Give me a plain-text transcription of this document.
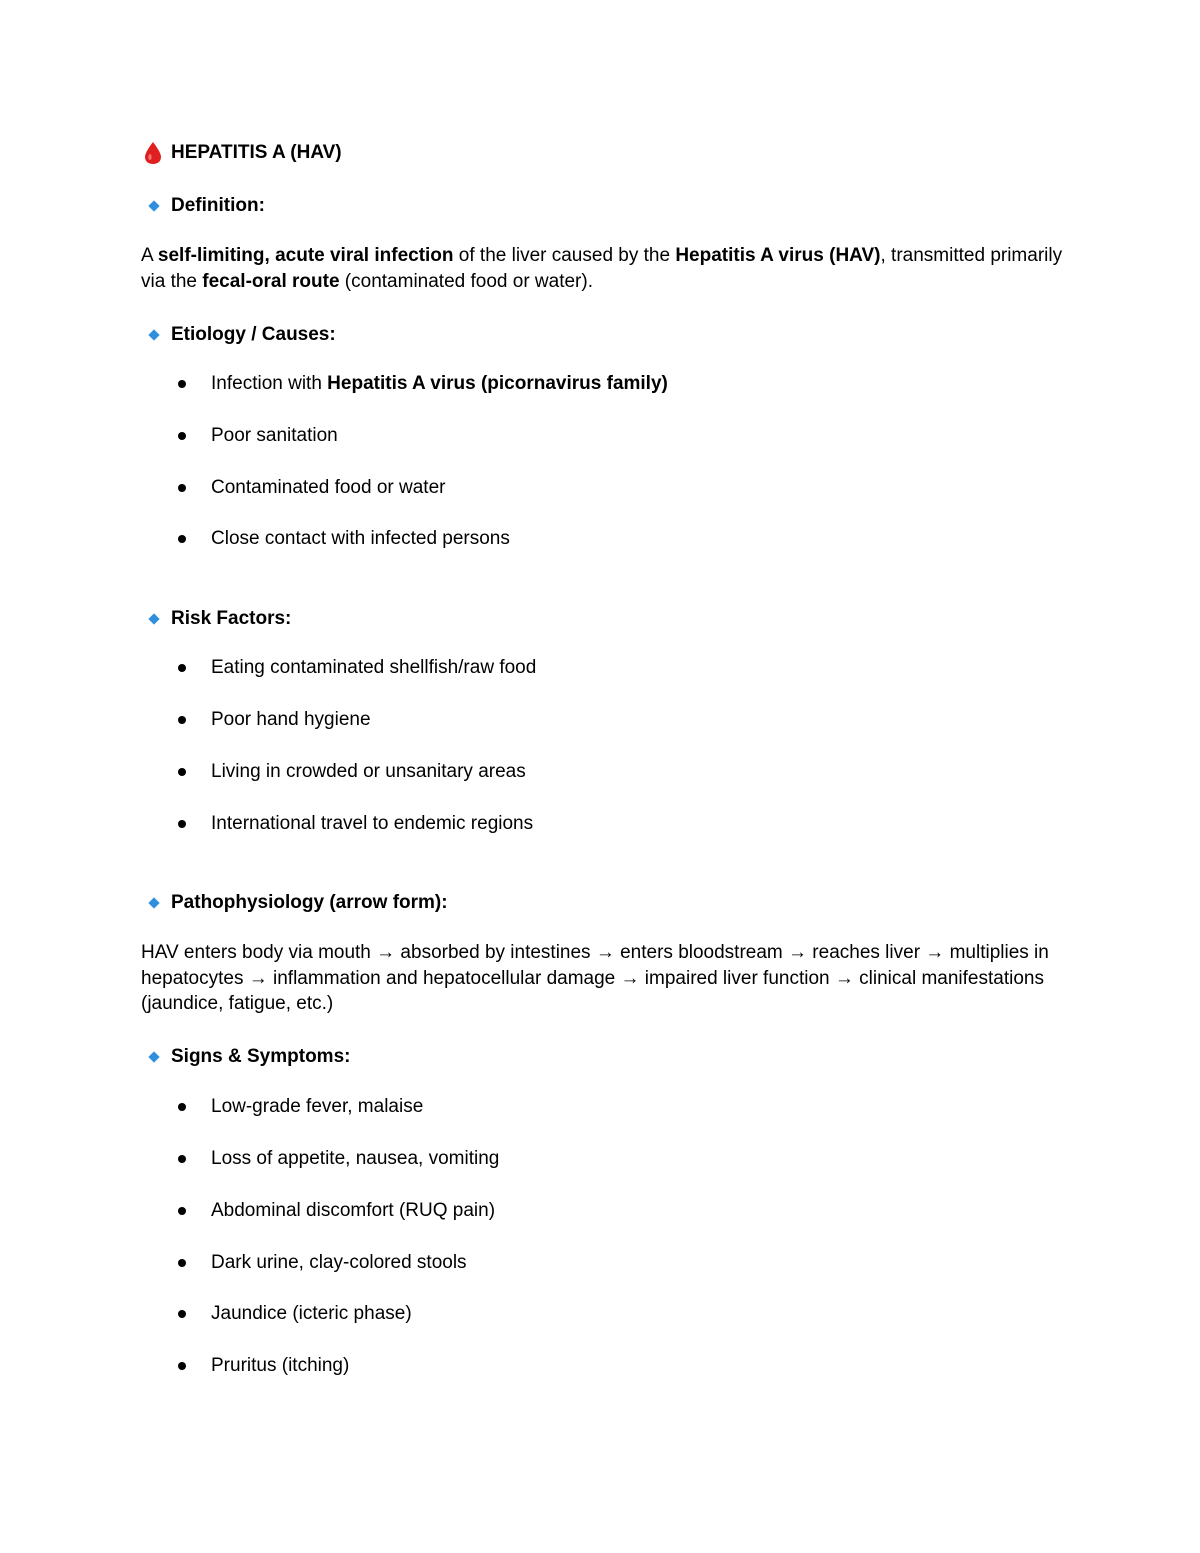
HEPATITIS A (HAV)
Definition:
A self-limiting, acute viral infection of the liver caused by the Hepatitis A virus (HAV), transmitted primarily via the fecal-oral route (contaminated food or water).
Etiology / Causes:
Infection with Hepatitis A virus (picornavirus family)
Poor sanitation
Contaminated food or water
Close contact with infected persons
Risk Factors:
Eating contaminated shellfish/raw food
Poor hand hygiene
Living in crowded or unsanitary areas
International travel to endemic regions
Pathophysiology (arrow form):
HAV enters body via mouth → absorbed by intestines → enters bloodstream → reaches liver → multiplies in hepatocytes → inflammation and hepatocellular damage → impaired liver function → clinical manifestations (jaundice, fatigue, etc.)
Signs & Symptoms:
Low-grade fever, malaise
Loss of appetite, nausea, vomiting
Abdominal discomfort (RUQ pain)
Dark urine, clay-colored stools
Jaundice (icteric phase)
Pruritus (itching)
